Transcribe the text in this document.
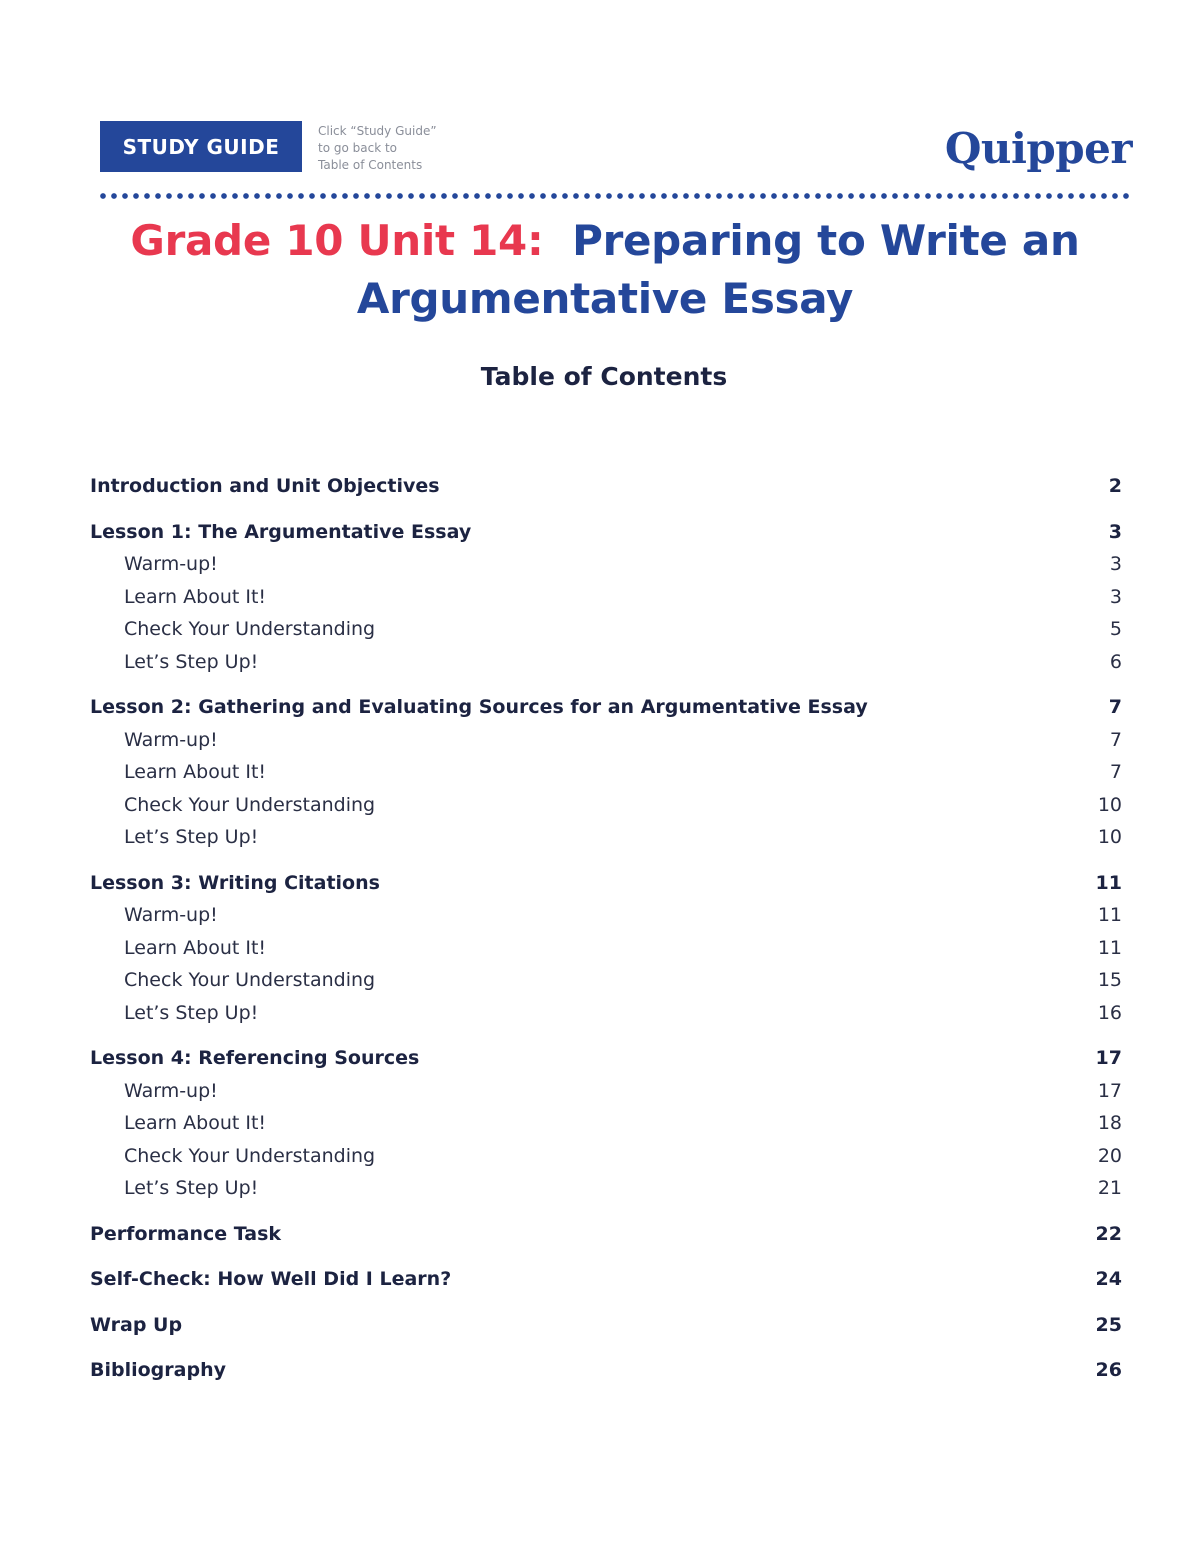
STUDY GUIDE
Click “Study Guide”
to go back to
Table of Contents	Quipper
Grade 10 Unit 14: Preparing to Write an Argumentative Essay
Table of Contents
Introduction and Unit Objectives	2
Lesson 1: The Argumentative Essay	3
Warm-up!	3
Learn About It!	3
Check Your Understanding	5
Let’s Step Up!	6
Lesson 2: Gathering and Evaluating Sources for an Argumentative Essay	7
Warm-up!	7
Learn About It!	7
Check Your Understanding	10
Let’s Step Up!	10
Lesson 3: Writing Citations	11
Warm-up!	11
Learn About It!	11
Check Your Understanding	15
Let’s Step Up!	16
Lesson 4: Referencing Sources	17
Warm-up!	17
Learn About It!	18
Check Your Understanding	20
Let’s Step Up!	21
Performance Task	22
Self-Check: How Well Did I Learn?	24
Wrap Up	25
Bibliography	26
